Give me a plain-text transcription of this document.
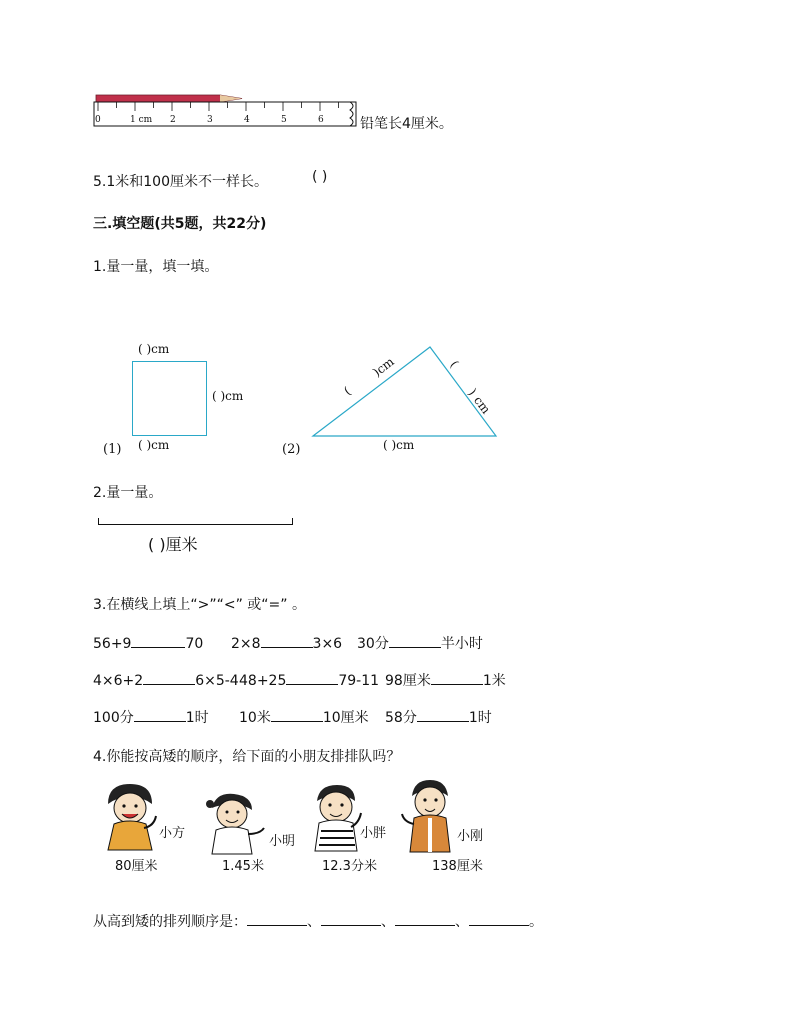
0	1 cm 2	3	4	5	6	铅笔长4厘米。
5.1米和100厘米不一样长。	( )
三.填空题(共5题，共22分)
1.量一量，填一填。
( )cm
( )cm
( )cm
(1)
(
)cm	(
)
cm
( )cm
(2)
2.量一量。
( )厘米
3.在横线上填上“>”“<” 或“=” 。
56+9	70 2×8	3×6 30分	半小时
4×6+2	6×5-4 48+25	79-11 98厘米	1米
100分	1时 10米	10厘米 58分	1时
4.你能按高矮的顺序，给下面的小朋友排排队吗？
小方
80厘米
小明
1.45米
小胖
12.3分米
小刚
138厘米
从高到矮的排列顺序是：	、	、	、	。
